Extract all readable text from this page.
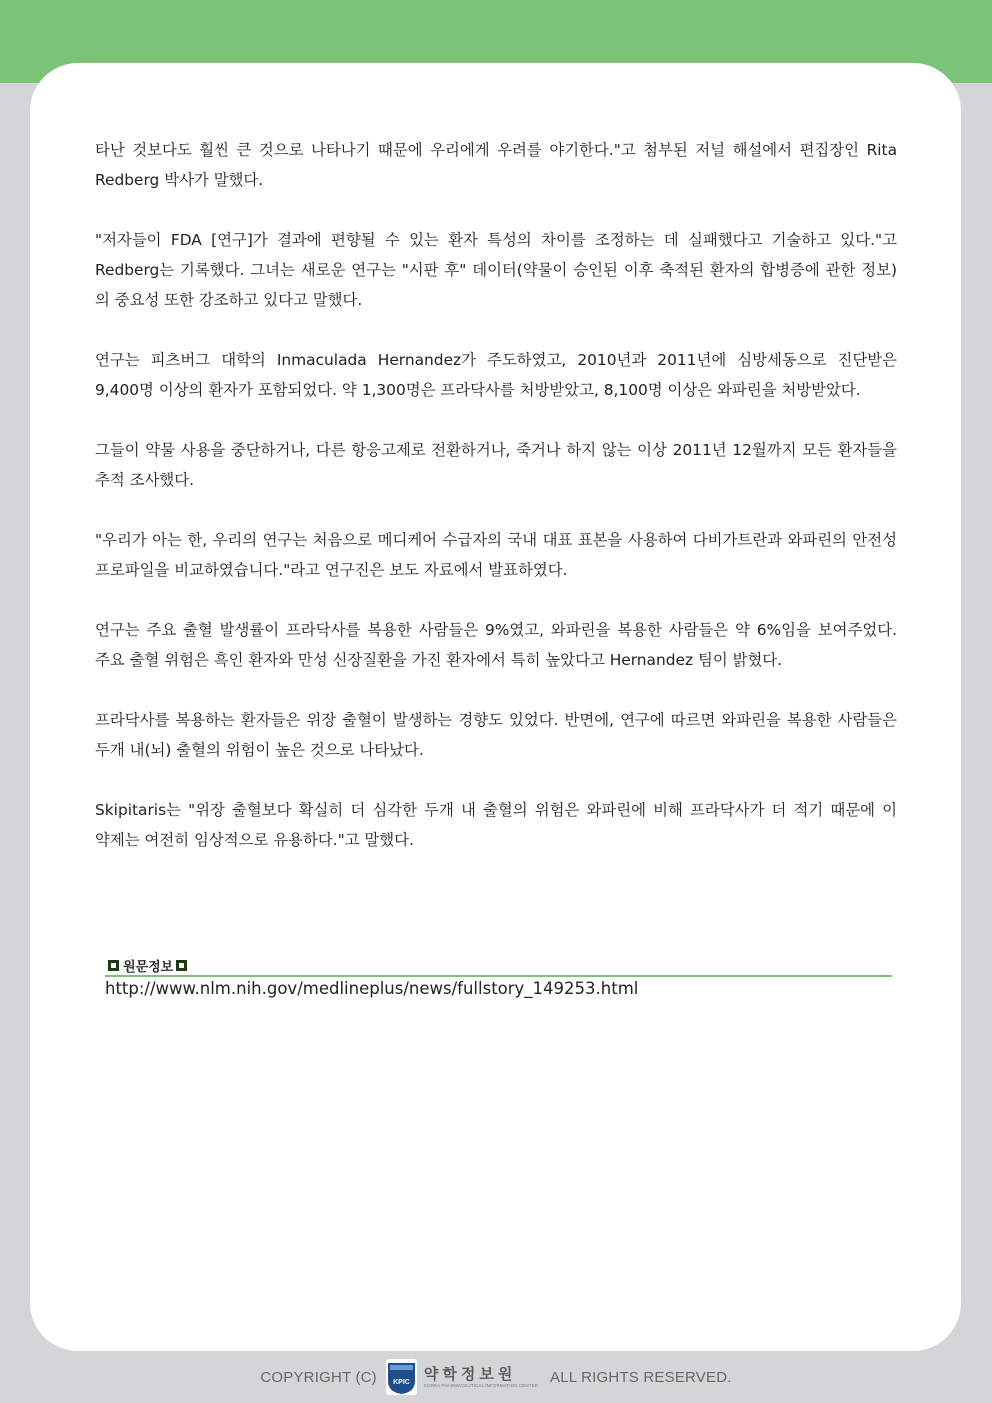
타난 것보다도 훨씬 큰 것으로 나타나기 때문에 우리에게 우려를 야기한다."고 첨부된 저널 해설에서 편집장인 Rita Redberg 박사가 말했다.

"저자들이 FDA [연구]가 결과에 편향될 수 있는 환자 특성의 차이를 조정하는 데 실패했다고 기술하고 있다."고 Redberg는 기록했다. 그녀는 새로운 연구는 "시판 후" 데이터(약물이 승인된 이후 축적된 환자의 합병증에 관한 정보)의 중요성 또한 강조하고 있다고 말했다.

연구는 피츠버그 대학의 Inmaculada Hernandez가 주도하였고, 2010년과 2011년에 심방세동으로 진단받은 9,400명 이상의 환자가 포함되었다. 약 1,300명은 프라닥사를 처방받았고, 8,100명 이상은 와파린을 처방받았다.

그들이 약물 사용을 중단하거나, 다른 항응고제로 전환하거나, 죽거나 하지 않는 이상 2011년 12월까지 모든 환자들을 추적 조사했다.

"우리가 아는 한, 우리의 연구는 처음으로 메디케어 수급자의 국내 대표 표본을 사용하여 다비가트란과 와파린의 안전성 프로파일을 비교하였습니다."라고 연구진은 보도 자료에서 발표하였다.

연구는 주요 출혈 발생률이 프라닥사를 복용한 사람들은 9%였고, 와파린을 복용한 사람들은 약 6%임을 보여주었다. 주요 출혈 위험은 흑인 환자와 만성 신장질환을 가진 환자에서 특히 높았다고 Hernandez 팀이 밝혔다.

프라닥사를 복용하는 환자들은 위장 출혈이 발생하는 경향도 있었다. 반면에, 연구에 따르면 와파린을 복용한 사람들은 두개 내(뇌) 출혈의 위험이 높은 것으로 나타났다.

Skipitaris는 "위장 출혈보다 확실히 더 심각한 두개 내 출혈의 위험은 와파린에 비해 프라닥사가 더 적기 때문에 이 약제는 여전히 임상적으로 유용하다."고 말했다.

원문정보
http://www.nlm.nih.gov/medlineplus/news/fullstory_149253.html
COPYRIGHT (C) KPIC 약학정보원
KOREA PHARMACEUTICAL INFORMATION CENTER ALL RIGHTS RESERVED.
